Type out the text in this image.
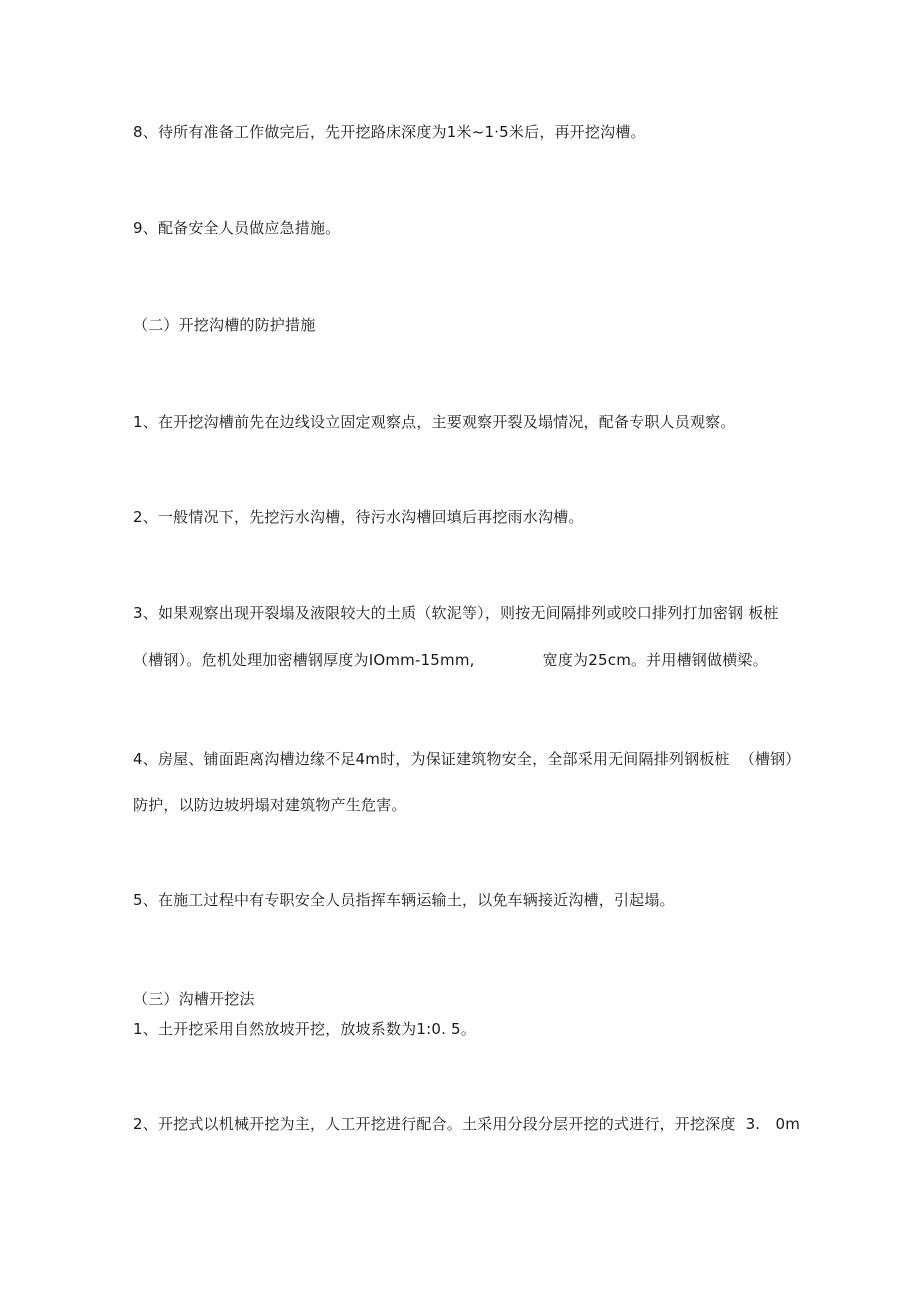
8、待所有准备工作做完后，先开挖路床深度为1米~1·5米后，再开挖沟槽。
9、配备安全人员做应急措施。
（二）开挖沟槽的防护措施
1、在开挖沟槽前先在边线设立固定观察点，主要观察开裂及塌情况，配备专职人员观察。
2、一般情况下，先挖污水沟槽，待污水沟槽回填后再挖雨水沟槽。
3、如果观察出现开裂塌及液限较大的土质（软泥等），则按无间隔排列或咬口排列打加密钢 板桩
（槽钢）。危机处理加密槽钢厚度为IOmm-15mm,	宽度为25cm。并用槽钢做横梁。
4、房屋、铺面距离沟槽边缘不足4m时，为保证建筑物安全，全部采用无间隔排列钢板桩 （槽钢）
防护，以防边坡坍塌对建筑物产生危害。
5、在施工过程中有专职安全人员指挥车辆运输土，以免车辆接近沟槽，引起塌。
（三）沟槽开挖法
1、土开挖采用自然放坡开挖，放坡系数为1:0. 5。
2、开挖式以机械开挖为主，人工开挖进行配合。土采用分段分层开挖的式进行，开挖深度 3.　0m
